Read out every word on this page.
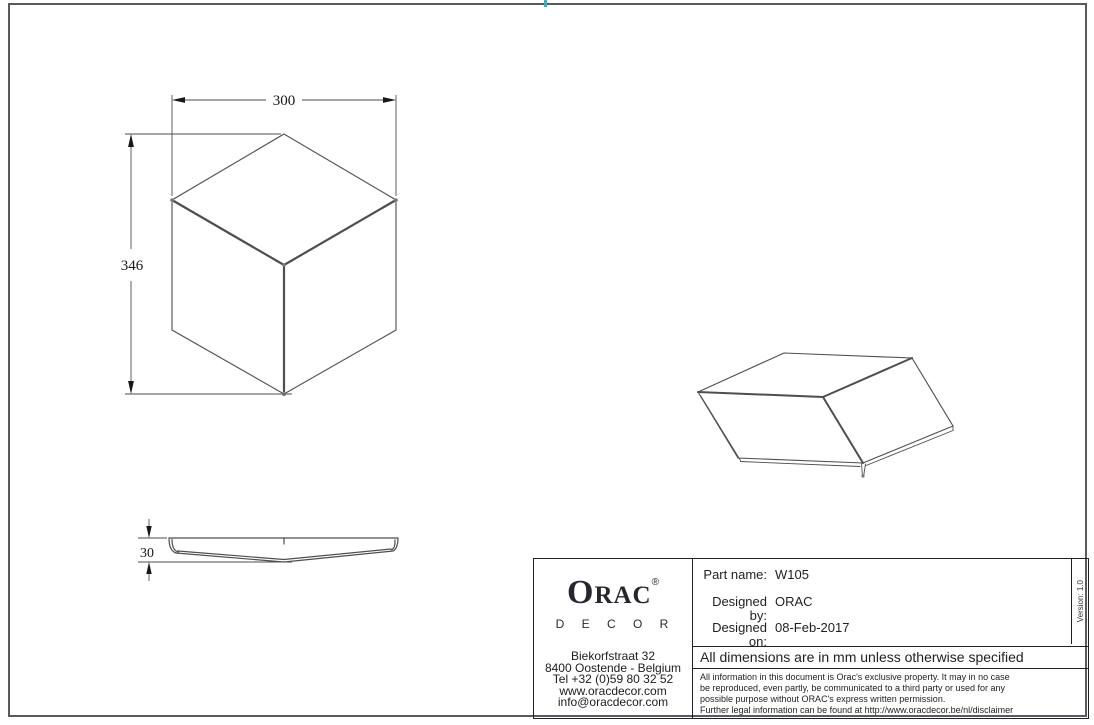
300
346
30
ORAC®
D E C O R
Biekorfstraat 32
8400 Oostende - Belgium
Tel +32 (0)59 80 32 52
www.oracdecor.com
info@oracdecor.com
Part name: W105
Designed by:
ORAC
Designed on:
08-Feb-2017
Version: 1.0
All dimensions are in mm unless otherwise specified
All information in this document is Orac's exclusive property. It may in no case
be reproduced, even partly, be communicated to a third party or used for any
possible purpose without ORAC's express written permission.
Further legal information can be found at http://www.oracdecor.be/nl/disclaimer
